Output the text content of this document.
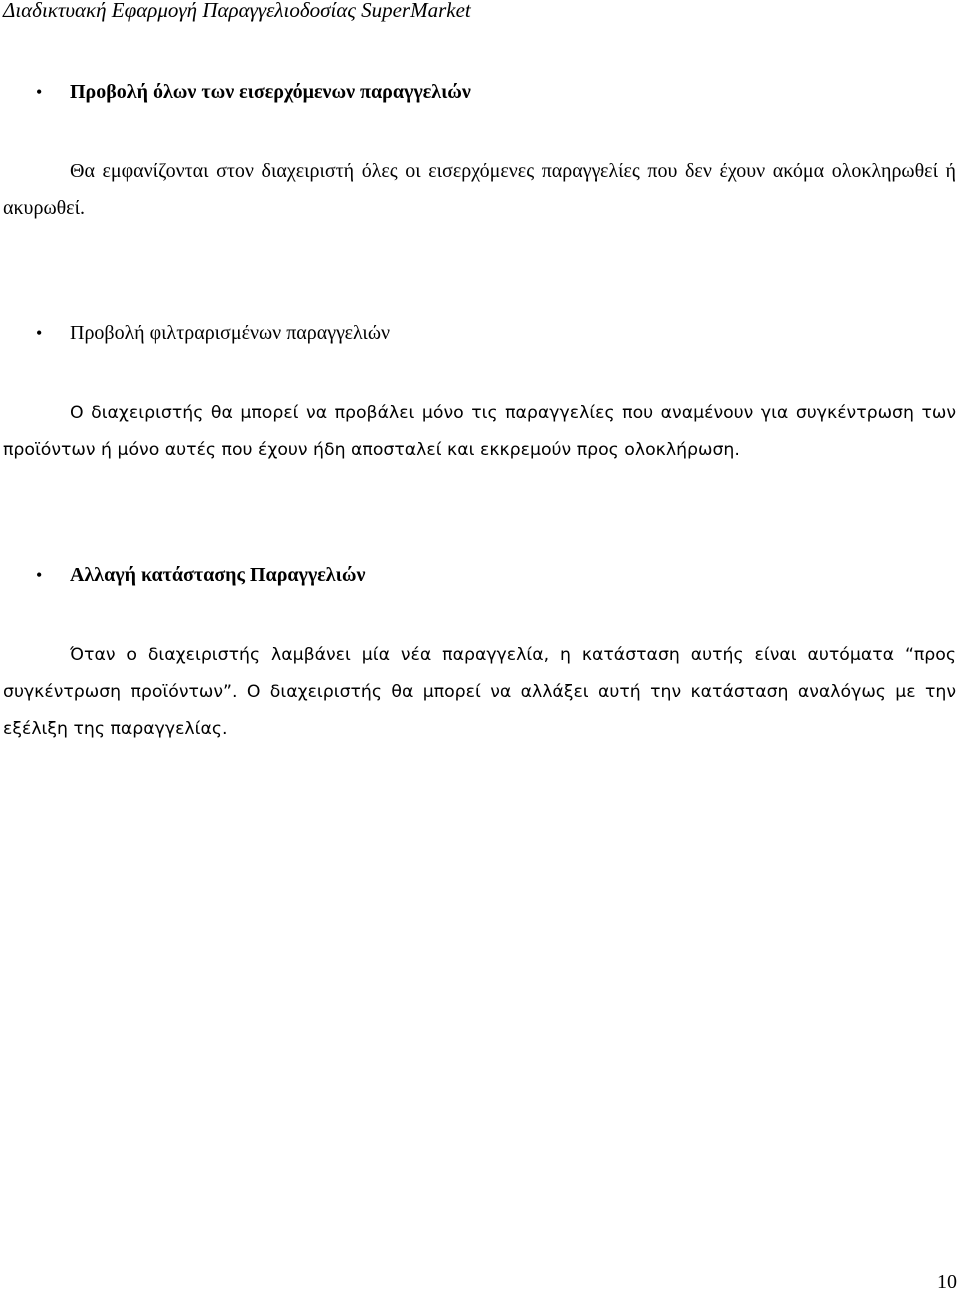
Διαδικτυακή Εφαρμογή Παραγγελιοδοσίας SuperMarket
• Προβολή όλων των εισερχόμενων παραγγελιών

Θα εμφανίζονται στον διαχειριστή όλες οι εισερχόμενες παραγγελίες που δεν έχουν ακόμα ολοκληρωθεί ή ακυρωθεί.

• Προβολή φιλτραρισμένων παραγγελιών

Ο διαχειριστής θα μπορεί να προβάλει μόνο τις παραγγελίες που αναμένουν για συγκέντρωση των προϊόντων ή μόνο αυτές που έχουν ήδη αποσταλεί και εκκρεμούν προς ολοκλήρωση.

• Αλλαγή κατάστασης Παραγγελιών

Όταν ο διαχειριστής λαμβάνει μία νέα παραγγελία, η κατάσταση αυτής είναι αυτόματα “προς συγκέντρωση προϊόντων”. Ο διαχειριστής θα μπορεί να αλλάξει αυτή την κατάσταση αναλόγως με την εξέλιξη της παραγγελίας.

10
